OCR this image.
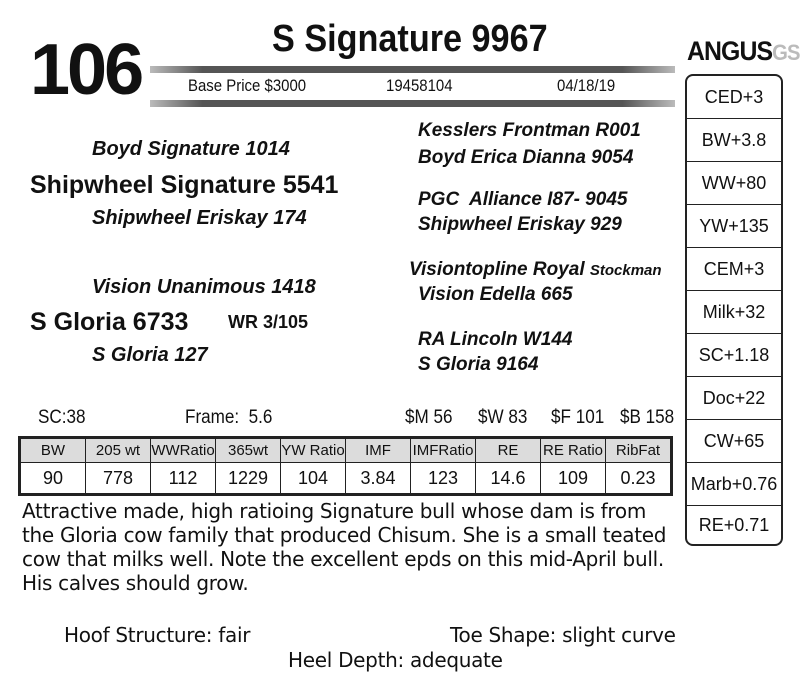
106	S Signature 9967
Base Price $3000	19458104	04/18/19
Boyd Signature 1014
Shipwheel Signature 5541
Shipwheel Eriskay 174
Kesslers Frontman R001
Boyd Erica Dianna 9054
PGC  Alliance I87- 9045
Shipwheel Eriskay 929
Vision Unanimous 1418
S Gloria 6733 WR 3/105
S Gloria 127
Visiontopline Royal Stockman
Vision Edella 665
RA Lincoln W144
S Gloria 9164
SC:38	Frame:  5.6	$M 56 $W 83 $F 101 $B 158
BW	205 wt	WWRatio	365wt	YW Ratio	IMF	IMFRatio	RE	RE Ratio	RibFat
90	778	112	1229	104	3.84	123	14.6	109	0.23
ANGUSGS
CED+3
BW+3.8
WW+80
YW+135
CEM+3
Milk+32
SC+1.18
Doc+22
CW+65
Marb+0.76
RE+0.71
Attractive made, high ratioing Signature bull whose dam is from the Gloria cow family that produced Chisum. She is a small teated cow that milks well. Note the excellent epds on this mid-April bull. His calves should grow.
Hoof Structure: fair	Toe Shape: slight curve
Heel Depth: adequate
